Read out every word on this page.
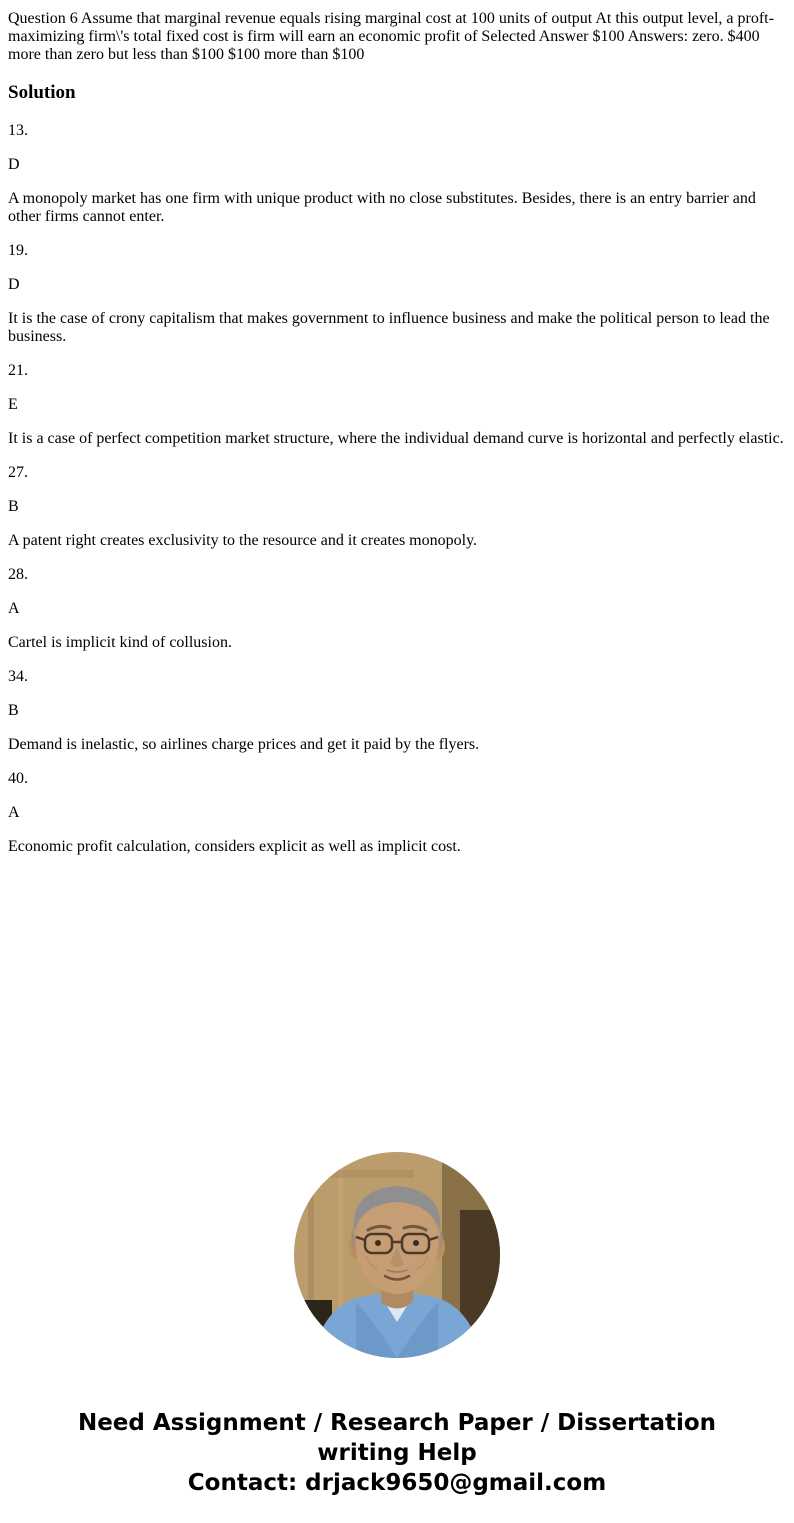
Question 6 Assume that marginal revenue equals rising marginal cost at 100 units of output At this output level, a proft-maximizing firm\'s total fixed cost is firm will earn an economic profit of Selected Answer $100 Answers: zero. $400 more than zero but less than $100 $100 more than $100

Solution

13.

D

A monopoly market has one firm with unique product with no close substitutes. Besides, there is an entry barrier and other firms cannot enter.

19.

D

It is the case of crony capitalism that makes government to influence business and make the political person to lead the business.

21.

E

It is a case of perfect competition market structure, where the individual demand curve is horizontal and perfectly elastic.

27.

B

A patent right creates exclusivity to the resource and it creates monopoly.

28.

A

Cartel is implicit kind of collusion.

34.

B

Demand is inelastic, so airlines charge prices and get it paid by the flyers.

40.

A

Economic profit calculation, considers explicit as well as implicit cost.

Need Assignment / Research Paper / Dissertation writing Help
Contact: drjack9650@gmail.com
